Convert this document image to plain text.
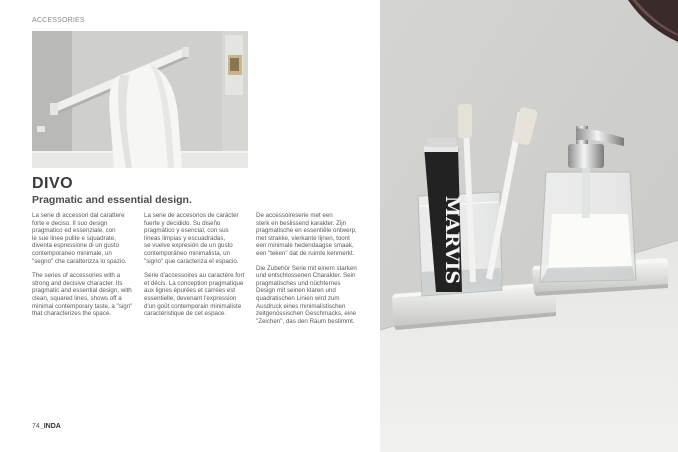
ACCESSORIES
DIVO
Pragmatic and essential design.

La serie di accessori dal carattere
forte e deciso. Il suo design
pragmatico ed essenziale, con
le sue linee pulite e squadrate,
diventa espressione di un gusto
contemporaneo minimale, un
"segno" che caratterizza lo spazio.

The series of accessories with a
strong and decisive character. Its
pragmatic and essential design, with
clean, squared lines, shows off a
minimal contemporary taste, a "sign"
that characterizes the space.

La serie de accesorios de carácter
fuerte y decidido. Su diseño
pragmático y esencial, con sus
líneas limpias y escuadradas,
se vuelve expresión de un gusto
contemporáneo minimalista, un
"signo" que caracteriza el espacio.

Série d'accessoires au caractère fort
et décis. La conception pragmatique
aux lignes épurées et carrées est
essentielle, devenant l'expression
d'un goût contemporain minimaliste
caractéristique de cet espace.

De accessoireserie met een
sterk en beslissend karakter. Zijn
pragmatische en essentiële ontwerp,
met strakke, vierkante lijnen, toont
een minimale hedendaagse smaak,
een "teken" dat de ruimte kenmerkt.

Die Zubehör Serie mit einem starken
und entschlossenen Charakter. Sein
pragmatisches und nüchternes
Design mit seinen klaren und
quadratischen Linien wird zum
Ausdruck eines minimalistischen
zeitgenössischen Geschmacks, eine
"Zeichen", das den Raum bestimmt.

74_INDA
MARVIS
